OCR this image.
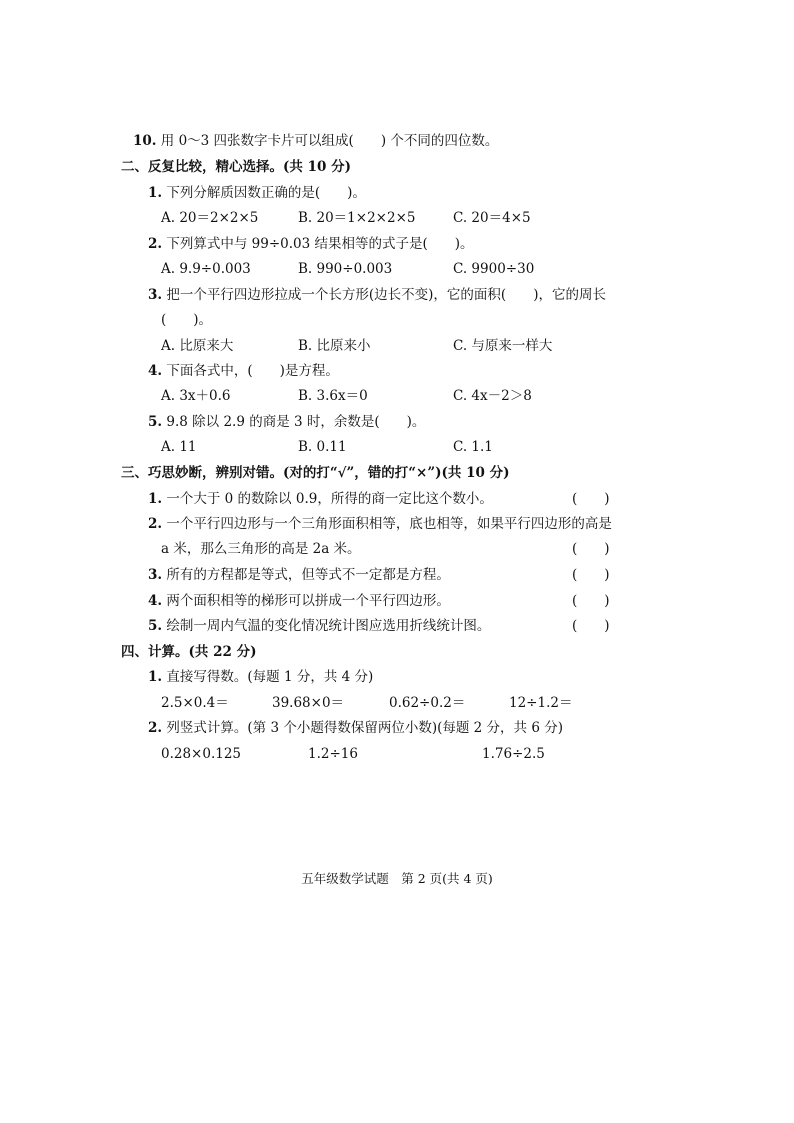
10. 用 0～3 四张数字卡片可以组成(　　) 个不同的四位数。
二、反复比较，精心选择。(共 10 分)
1. 下列分解质因数正确的是(　　)。
A. 20＝2×2×5	B. 20＝1×2×2×5	C. 20＝4×5
2. 下列算式中与 99÷0.03 结果相等的式子是(　　)。
A. 9.9÷0.003	B. 990÷0.003	C. 9900÷30
3. 把一个平行四边形拉成一个长方形(边长不变)，它的面积(　　)，它的周长
(　　)。
A. 比原来大	B. 比原来小	C. 与原来一样大
4. 下面各式中，(　　)是方程。
A. 3x＋0.6	B. 3.6x＝0	C. 4x－2＞8
5. 9.8 除以 2.9 的商是 3 时，余数是(　　)。
A. 11	B. 0.11	C. 1.1
三、巧思妙断，辨别对错。(对的打“√”，错的打“×”)(共 10 分)
1. 一个大于 0 的数除以 0.9，所得的商一定比这个数小。	(　　)
2. 一个平行四边形与一个三角形面积相等，底也相等，如果平行四边形的高是
a 米，那么三角形的高是 2a 米。	(　　)
3. 所有的方程都是等式，但等式不一定都是方程。	(　　)
4. 两个面积相等的梯形可以拼成一个平行四边形。	(　　)
5. 绘制一周内气温的变化情况统计图应选用折线统计图。	(　　)
四、计算。(共 22 分)
1. 直接写得数。(每题 1 分，共 4 分)
2.5×0.4＝	39.68×0＝	0.62÷0.2＝	12÷1.2＝
2. 列竖式计算。(第 3 个小题得数保留两位小数)(每题 2 分，共 6 分)
0.28×0.125	1.2÷16	1.76÷2.5
五年级数学试题　第 2 页(共 4 页)
